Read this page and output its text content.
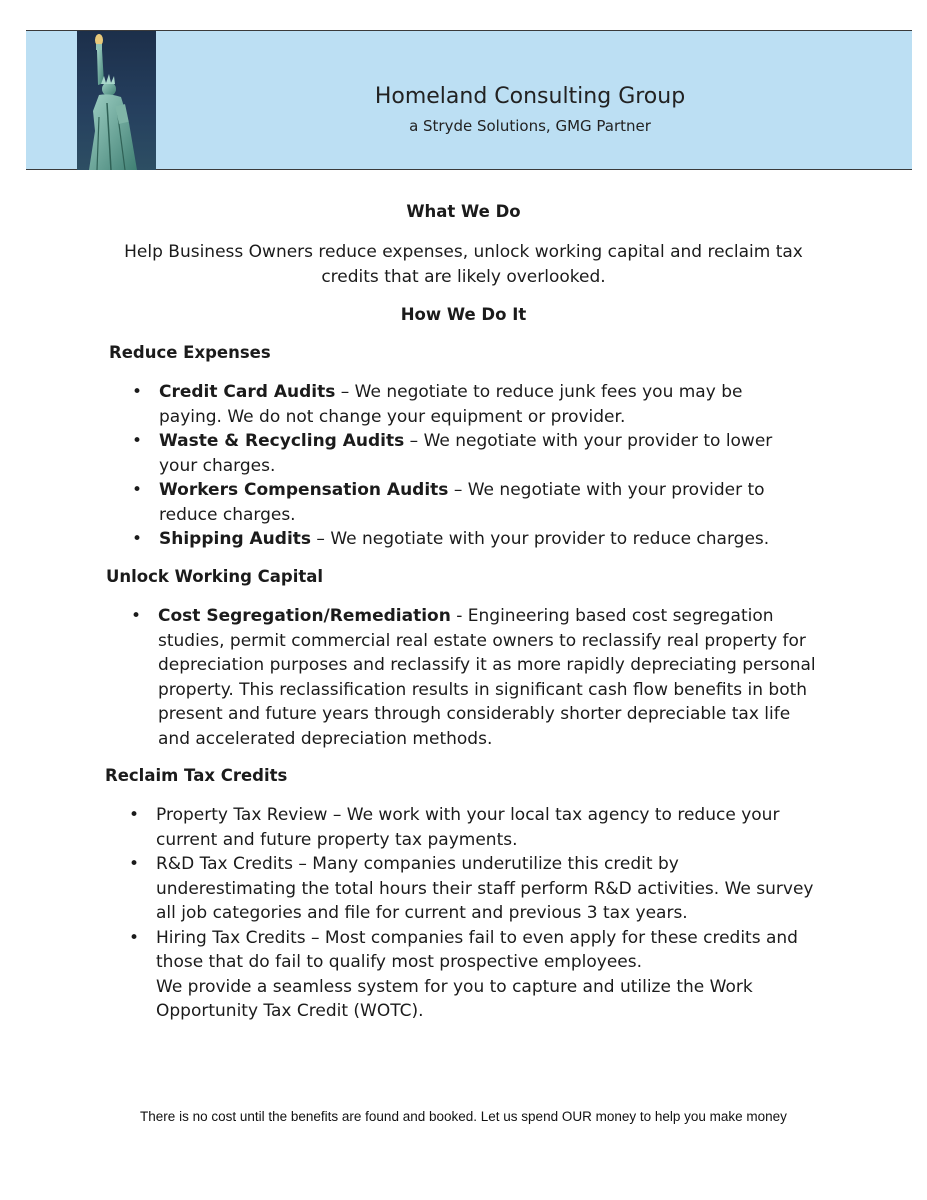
Homeland Consulting Group
a Stryde Solutions, GMG Partner
What We Do
Help Business Owners reduce expenses, unlock working capital and reclaim tax
credits that are likely overlooked.
How We Do It
Reduce Expenses
• Credit Card Audits – We negotiate to reduce junk fees you may be paying. We do not change your equipment or provider.
• Waste & Recycling Audits – We negotiate with your provider to lower your charges.
• Workers Compensation Audits – We negotiate with your provider to reduce charges.
• Shipping Audits – We negotiate with your provider to reduce charges.
Unlock Working Capital
• Cost Segregation/Remediation - Engineering based cost segregation studies, permit commercial real estate owners to reclassify real property for depreciation purposes and reclassify it as more rapidly depreciating personal property. This reclassification results in significant cash flow benefits in both present and future years through considerably shorter depreciable tax life and accelerated depreciation methods.
Reclaim Tax Credits
• Property Tax Review – We work with your local tax agency to reduce your current and future property tax payments.
• R&D Tax Credits – Many companies underutilize this credit by underestimating the total hours their staff perform R&D activities. We survey all job categories and file for current and previous 3 tax years.
• Hiring Tax Credits – Most companies fail to even apply for these credits and those that do fail to qualify most prospective employees.
We provide a seamless system for you to capture and utilize the Work Opportunity Tax Credit (WOTC).
There is no cost until the benefits are found and booked. Let us spend OUR money to help you make money
